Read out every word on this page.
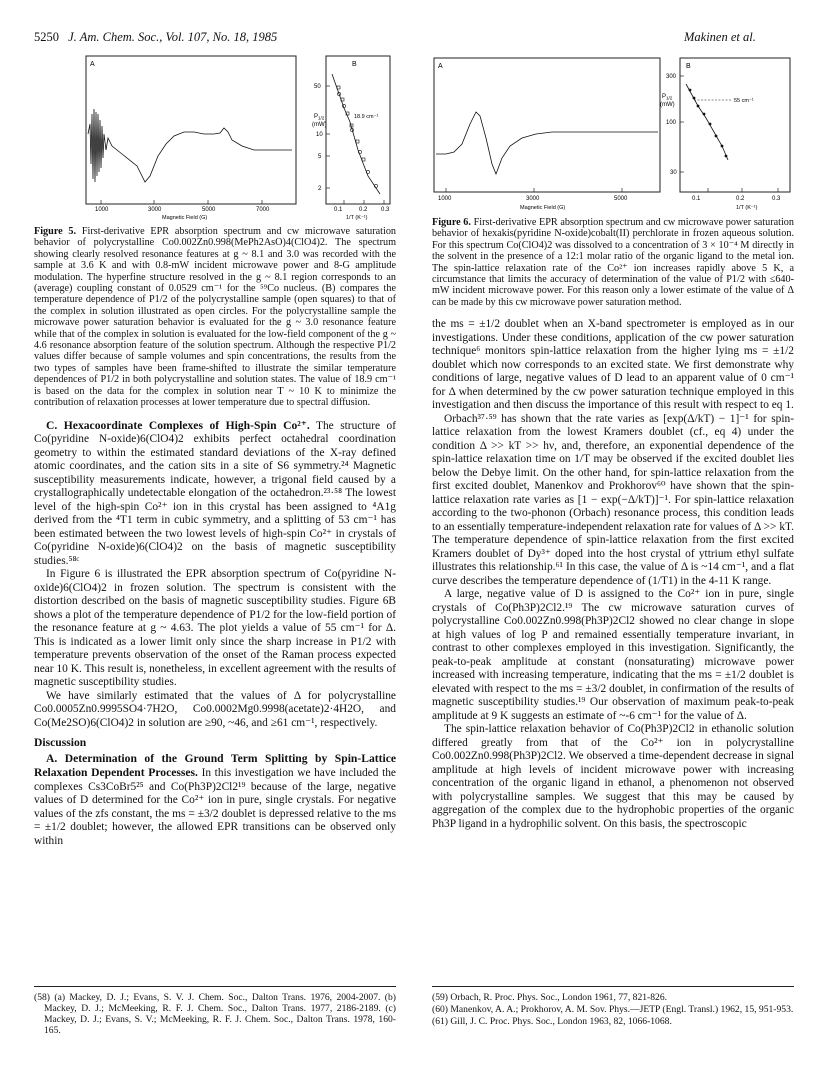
5250 J. Am. Chem. Soc., Vol. 107, No. 18, 1985	Makinen et al.
A
1000	3000	5000	7000
Magnetic Field (G)
B
50
10
5
2
$P_{1/2}$
(mW)
18.9 cm⁻¹
0.1	0.2 0.3
1/T (K⁻¹)
A
1000	3000	5000
Magnetic Field (G)
B
300
100
30
$P_{1/2}$
(mW)
55 cm⁻¹
0.1	0.2	0.3
1/T (K⁻¹)
Figure 5. First-derivative EPR absorption spectrum and cw microwave saturation behavior of polycrystalline Co0.002Zn0.998(MePh2AsO)4(ClO4)2. The spectrum showing clearly resolved resonance features at g ~ 8.1 and 3.0 was recorded with the sample at 3.6 K and with 0.8-mW incident microwave power and 8-G amplitude modulation. The hyperfine structure resolved in the g ~ 8.1 region corresponds to an (average) coupling constant of 0.0529 cm⁻¹ for the ⁵⁹Co nucleus. (B) compares the temperature dependence of P1/2 of the polycrystalline sample (open squares) to that of the complex in solution illustrated as open circles. For the polycrystalline sample the microwave power saturation behavior is evaluated for the g ~ 3.0 resonance feature while that of the complex in solution is evaluated for the low-field component of the g ~ 4.6 resonance absorption feature of the solution spectrum. Although the respective P1/2 values differ because of sample volumes and spin concentrations, the results from the two types of samples have been frame-shifted to illustrate the similar temperature dependences of P1/2 in both polycrystalline and solution states. The value of 18.9 cm⁻¹ is based on the data for the complex in solution near T ~ 10 K to minimize the contribution of relaxation processes at lower temperature due to spectral diffusion.

C. Hexacoordinate Complexes of High-Spin Co²⁺. The structure of Co(pyridine N-oxide)6(ClO4)2 exhibits perfect octahedral coordination geometry to within the estimated standard deviations of the X-ray defined atomic coordinates, and the cation sits in a site of S6 symmetry.²⁴ Magnetic susceptibility measurements indicate, however, a trigonal field caused by a crystallographically undetectable elongation of the octahedron.²³·⁵⁸ The lowest level of the high-spin Co²⁺ ion in this crystal has been assigned to ⁴A1g derived from the ⁴T1 term in cubic symmetry, and a splitting of 53 cm⁻¹ has been estimated between the two lowest levels of high-spin Co²⁺ in crystals of Co(pyridine N-oxide)6(ClO4)2 on the basis of magnetic susceptibility studies.⁵⁸ᶜ

In Figure 6 is illustrated the EPR absorption spectrum of Co(pyridine N-oxide)6(ClO4)2 in frozen solution. The spectrum is consistent with the distortion described on the basis of magnetic susceptibility studies. Figure 6B shows a plot of the temperature dependence of P1/2 for the low-field portion of the resonance feature at g ~ 4.63. The plot yields a value of 55 cm⁻¹ for Δ. This is indicated as a lower limit only since the sharp increase in P1/2 with temperature prevents observation of the onset of the Raman process expected near 10 K. This result is, nonetheless, in excellent agreement with the results of magnetic susceptibility studies.

We have similarly estimated that the values of Δ for polycrystalline Co0.0005Zn0.9995SO4·7H2O, Co0.0002Mg0.9998(acetate)2·4H2O, and Co(Me2SO)6(ClO4)2 in solution are ≥90, ~46, and ≥61 cm⁻¹, respectively.

Discussion

A. Determination of the Ground Term Splitting by Spin-Lattice Relaxation Dependent Processes. In this investigation we have included the complexes Cs3CoBr5²⁵ and Co(Ph3P)2Cl2¹⁹ because of the large, negative values of D determined for the Co²⁺ ion in pure, single crystals. For negative values of the zfs constant, the ms = ±3/2 doublet is depressed relative to the ms = ±1/2 doublet; however, the allowed EPR transitions can be observed only within

Figure 6. First-derivative EPR absorption spectrum and cw microwave power saturation behavior of hexakis(pyridine N-oxide)cobalt(II) perchlorate in frozen aqueous solution. For this spectrum Co(ClO4)2 was dissolved to a concentration of 3 × 10⁻⁴ M directly in the solvent in the presence of a 12:1 molar ratio of the organic ligand to the metal ion. The spin-lattice relaxation rate of the Co²⁺ ion increases rapidly above 5 K, a circumstance that limits the accuracy of determination of the value of P1/2 with ≤640-mW incident microwave power. For this reason only a lower estimate of the value of Δ can be made by this cw microwave power saturation method.

the ms = ±1/2 doublet when an X-band spectrometer is employed as in our investigations. Under these conditions, application of the cw power saturation technique⁶ monitors spin-lattice relaxation from the higher lying ms = ±1/2 doublet which now corresponds to an excited state. We first demonstrate why conditions of large, negative values of D lead to an apparent value of 0 cm⁻¹ for Δ when determined by the cw power saturation technique employed in this investigation and then discuss the importance of this result with respect to eq 1.

Orbach³⁷·⁵⁹ has shown that the rate varies as [exp(Δ/kT) − 1]⁻¹ for spin-lattice relaxation from the lowest Kramers doublet (cf., eq 4) under the condition Δ >> kT >> hν, and, therefore, an exponential dependence of the spin-lattice relaxation time on 1/T may be observed if the excited doublet lies below the Debye limit. On the other hand, for spin-lattice relaxation from the first excited doublet, Manenkov and Prokhorov⁶⁰ have shown that the spin-lattice relaxation rate varies as [1 − exp(−Δ/kT)]⁻¹. For spin-lattice relaxation according to the two-phonon (Orbach) resonance process, this condition leads to an essentially temperature-independent relaxation rate for values of Δ >> kT. The temperature dependence of spin-lattice relaxation from the first excited Kramers doublet of Dy³⁺ doped into the host crystal of yttrium ethyl sulfate illustrates this relationship.⁶¹ In this case, the value of Δ is ~14 cm⁻¹, and a flat curve describes the temperature dependence of (1/T1) in the 4-11 K range.

A large, negative value of D is assigned to the Co²⁺ ion in pure, single crystals of Co(Ph3P)2Cl2.¹⁹ The cw microwave saturation curves of polycrystalline Co0.002Zn0.998(Ph3P)2Cl2 showed no clear change in slope at high values of log P and remained essentially temperature invariant, in contrast to other complexes employed in this investigation. Significantly, the peak-to-peak amplitude at constant (nonsaturating) microwave power increased with increasing temperature, indicating that the ms = ±1/2 doublet is elevated with respect to the ms = ±3/2 doublet, in confirmation of the results of magnetic susceptibility studies.¹⁹ Our observation of maximum peak-to-peak amplitude at 9 K suggests an estimate of ~-6 cm⁻¹ for the value of Δ.

The spin-lattice relaxation behavior of Co(Ph3P)2Cl2 in ethanolic solution differed greatly from that of the Co²⁺ ion in polycrystalline Co0.002Zn0.998(Ph3P)2Cl2. We observed a time-dependent decrease in signal amplitude at high levels of incident microwave power with increasing concentration of the organic ligand in ethanol, a phenomenon not observed with polycrystalline samples. We suggest that this may be caused by aggregation of the complex due to the hydrophobic properties of the organic Ph3P ligand in a hydrophilic solvent. On this basis, the spectroscopic

(58) (a) Mackey, D. J.; Evans, S. V. J. Chem. Soc., Dalton Trans. 1976, 2004-2007. (b) Mackey, D. J.; McMeeking, R. F. J. Chem. Soc., Dalton Trans. 1977, 2186-2189. (c) Mackey, D. J.; Evans, S. V.; McMeeking, R. F. J. Chem. Soc., Dalton Trans. 1978, 160-165.

(59) Orbach, R. Proc. Phys. Soc., London 1961, 77, 821-826.

(60) Manenkov, A. A.; Prokhorov, A. M. Sov. Phys.—JETP (Engl. Transl.) 1962, 15, 951-953.

(61) Gill, J. C. Proc. Phys. Soc., London 1963, 82, 1066-1068.
